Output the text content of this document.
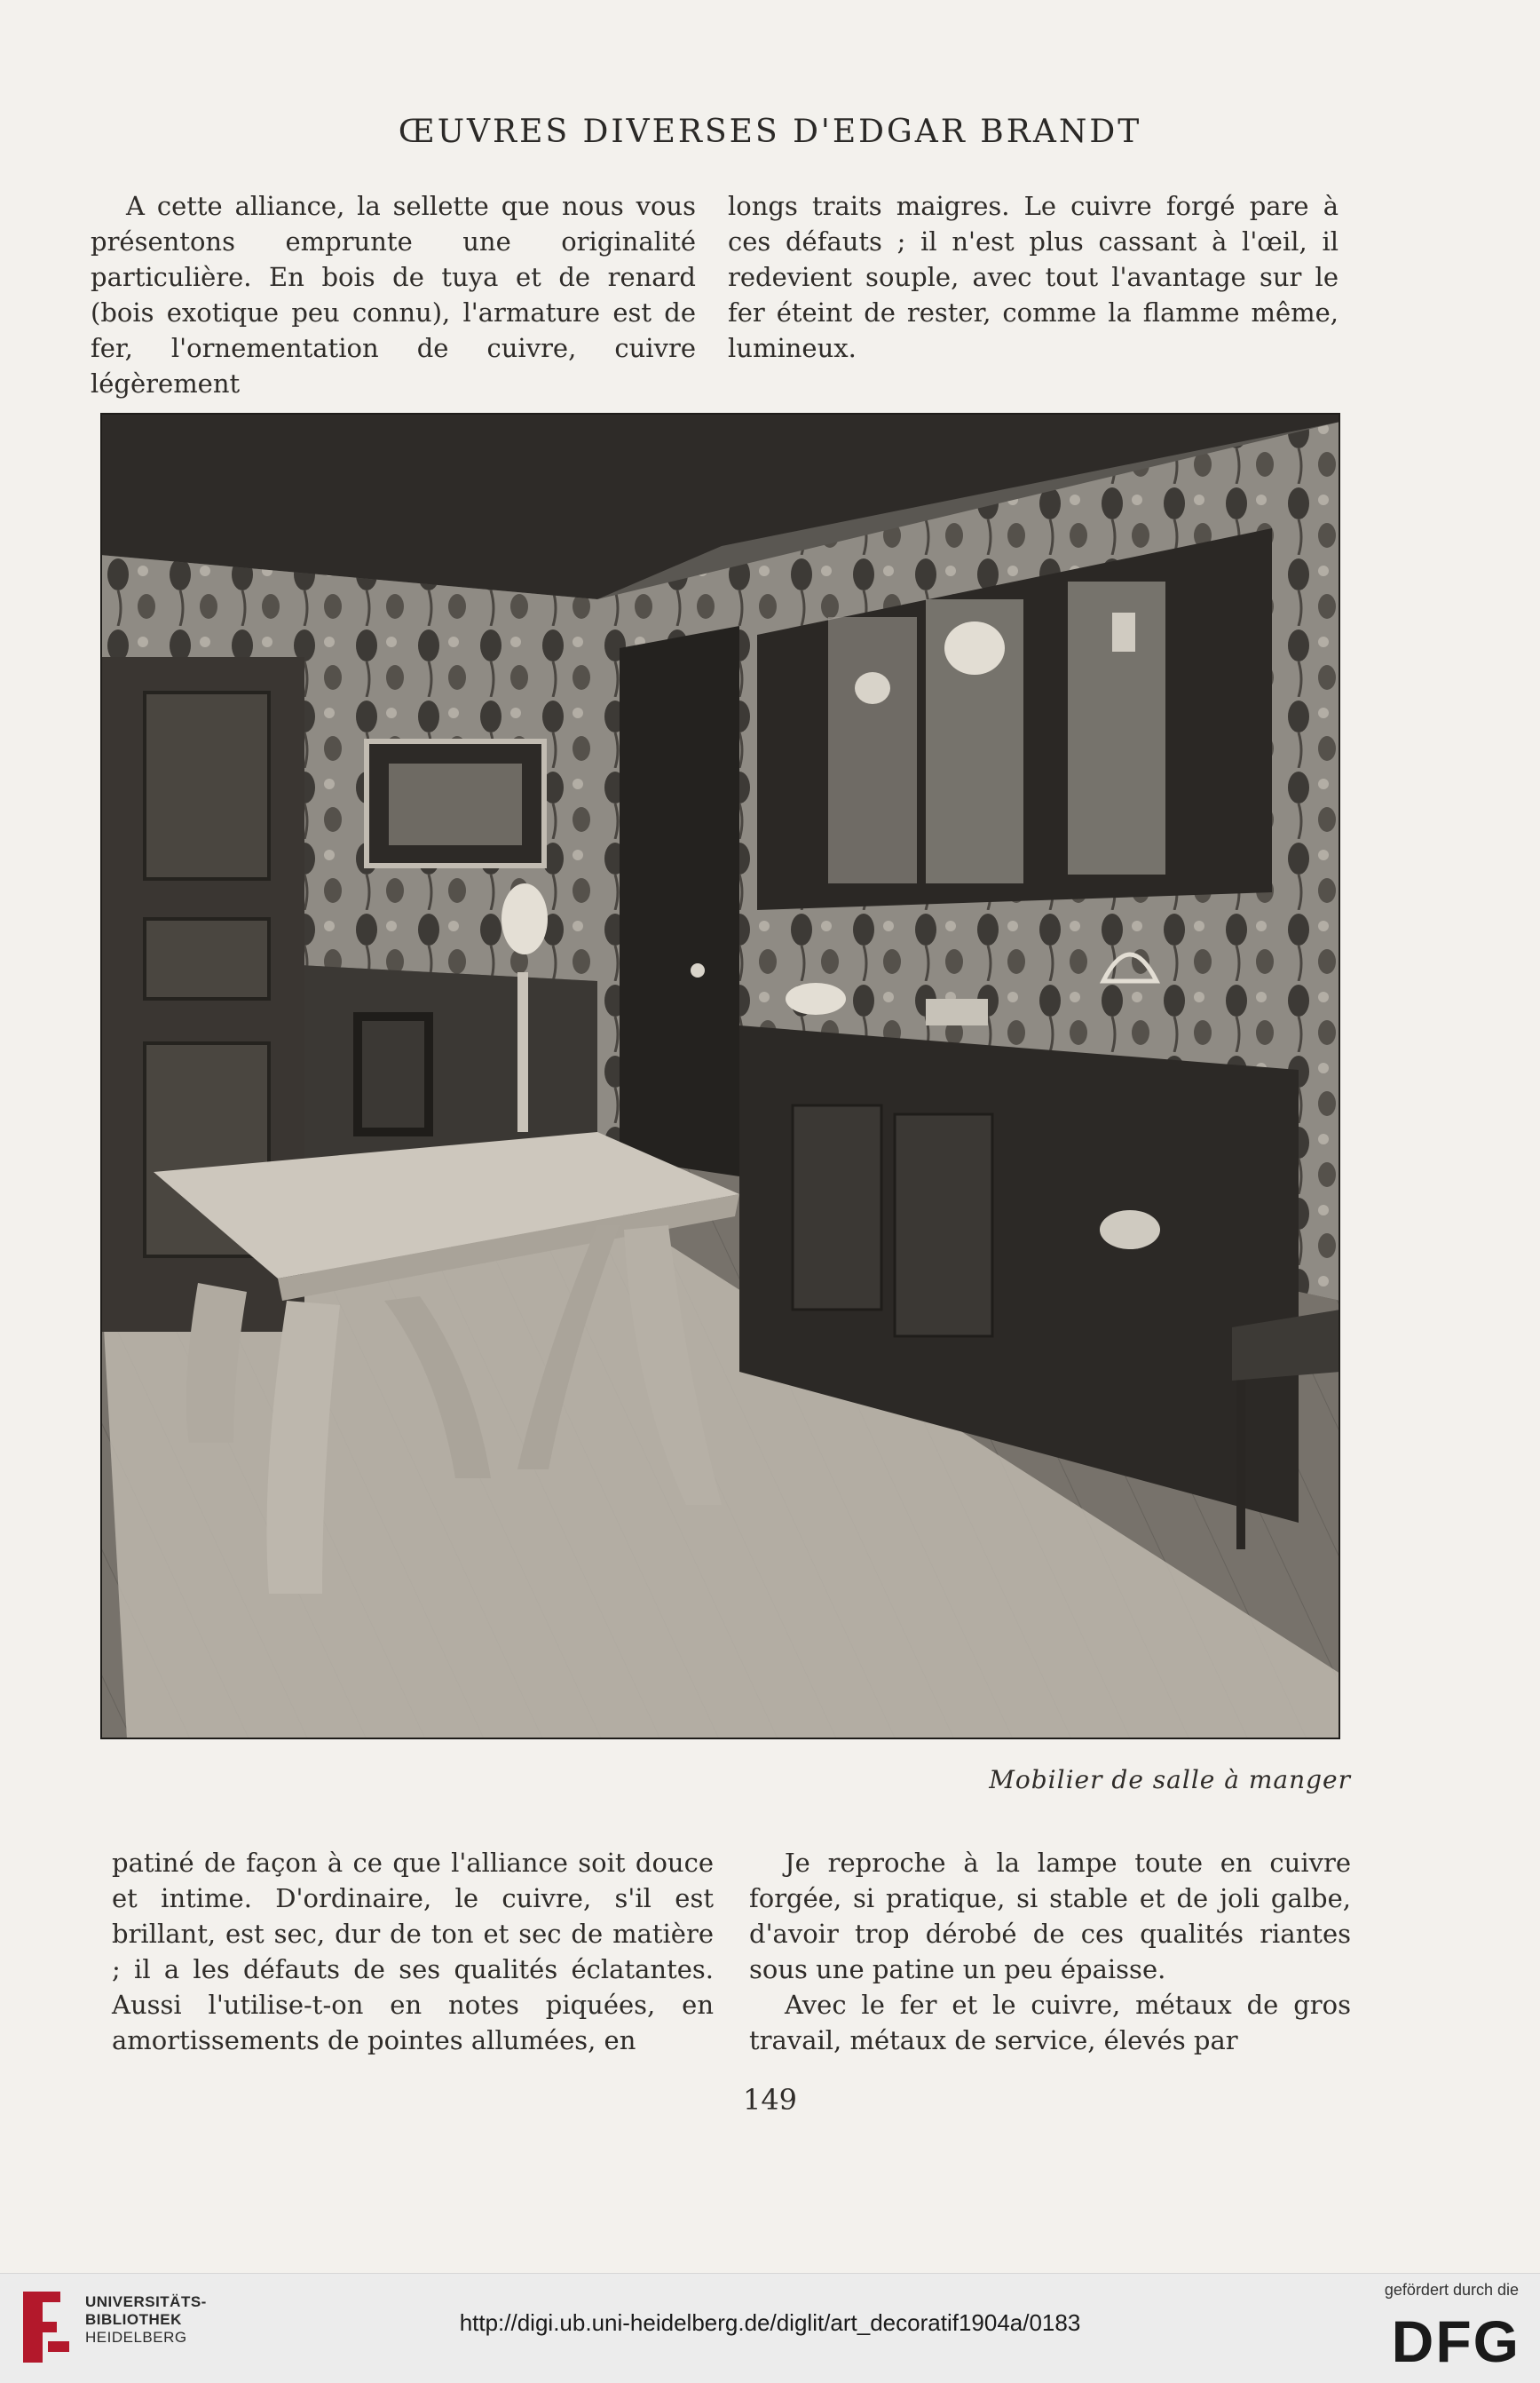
ŒUVRES DIVERSES D'EDGAR BRANDT

A cette alliance, la sellette que nous vous présentons emprunte une originalité particulière. En bois de tuya et de renard (bois exotique peu connu), l'armature est de fer, l'ornementation de cuivre, cuivre légèrement

longs traits maigres. Le cuivre forgé pare à ces défauts ; il n'est plus cassant à l'œil, il redevient souple, avec tout l'avantage sur le fer éteint de rester, comme la flamme même, lumineux.

Mobilier de salle à manger

patiné de façon à ce que l'alliance soit douce et intime. D'ordinaire, le cuivre, s'il est brillant, est sec, dur de ton et sec de matière ; il a les défauts de ses qualités éclatantes. Aussi l'utilise-t-on en notes piquées, en amortissements de pointes allumées, en

Je reproche à la lampe toute en cuivre forgée, si pratique, si stable et de joli galbe, d'avoir trop dérobé de ces qualités riantes sous une patine un peu épaisse.

Avec le fer et le cuivre, métaux de gros travail, métaux de service, élevés par

149
UNIVERSITÄTS-
BIBLIOTHEK
HEIDELBERG
http://digi.ub.uni-heidelberg.de/diglit/art_decoratif1904a/0183
gefördert durch die
DFG
